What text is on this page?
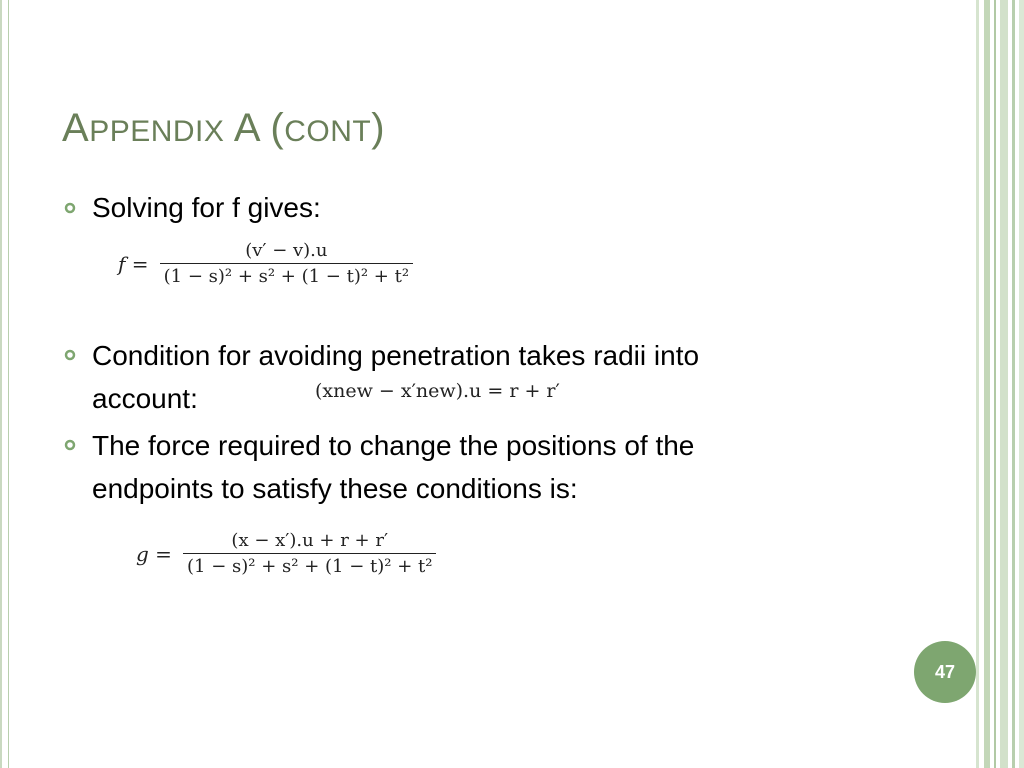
APPENDIX A (CONT)
Solving for f gives:
$f = \frac{(v' - v).u}{\text{(1 − s)² + s² + (1 − t)² + t²}}$
Condition for avoiding penetration takes radii into
account:	(xnew − x′new).u = r + r′
The force required to change the positions of the
endpoints to satisfy these conditions is:
$g = \frac{(x - x').u + r + r'}{\text{(1 − s)² + s² + (1 − t)² + t²}}$
47
